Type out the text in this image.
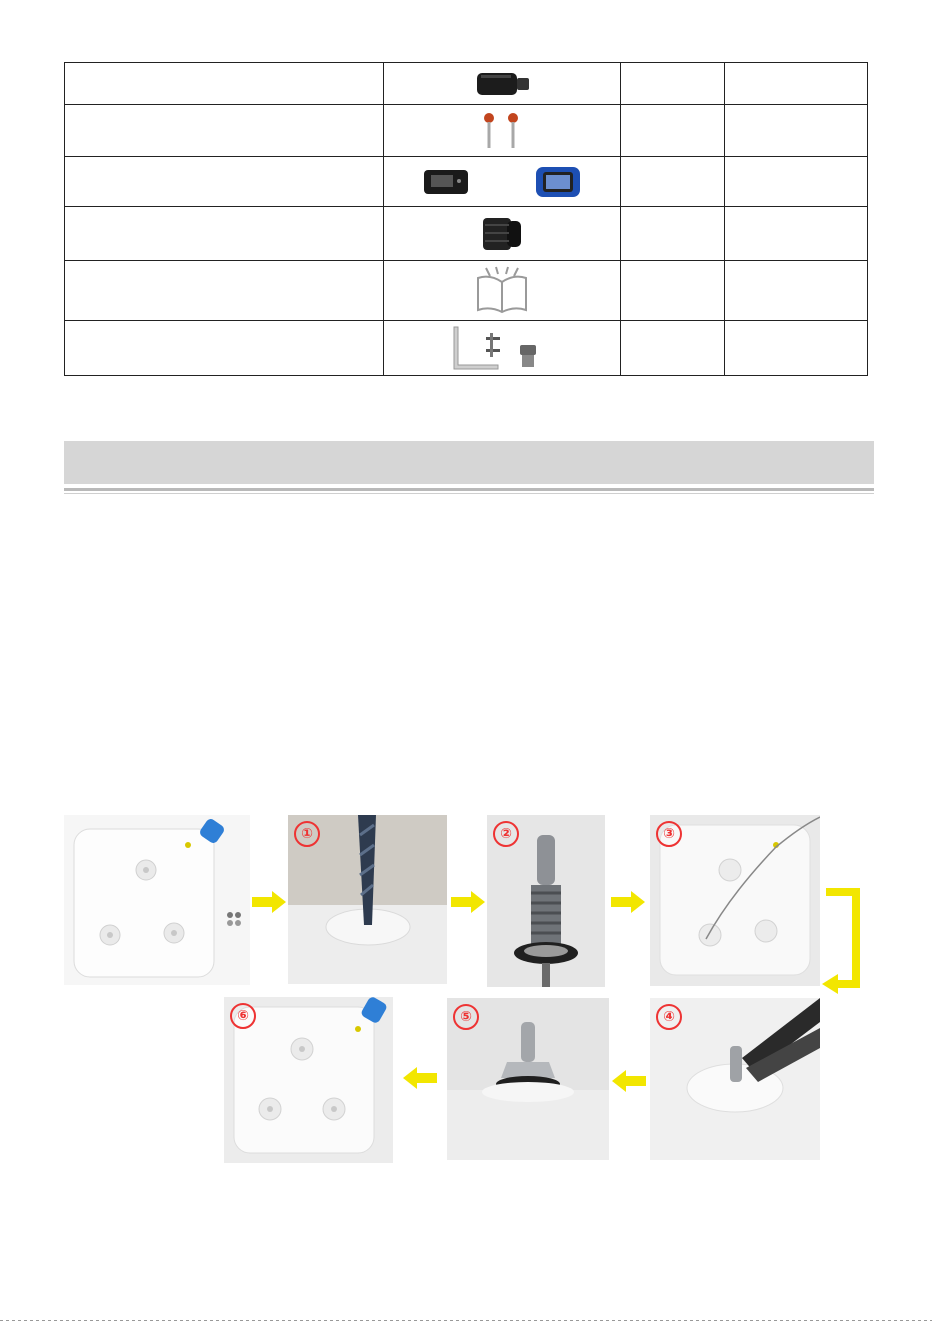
①	②	③
④
⑤
⑥
